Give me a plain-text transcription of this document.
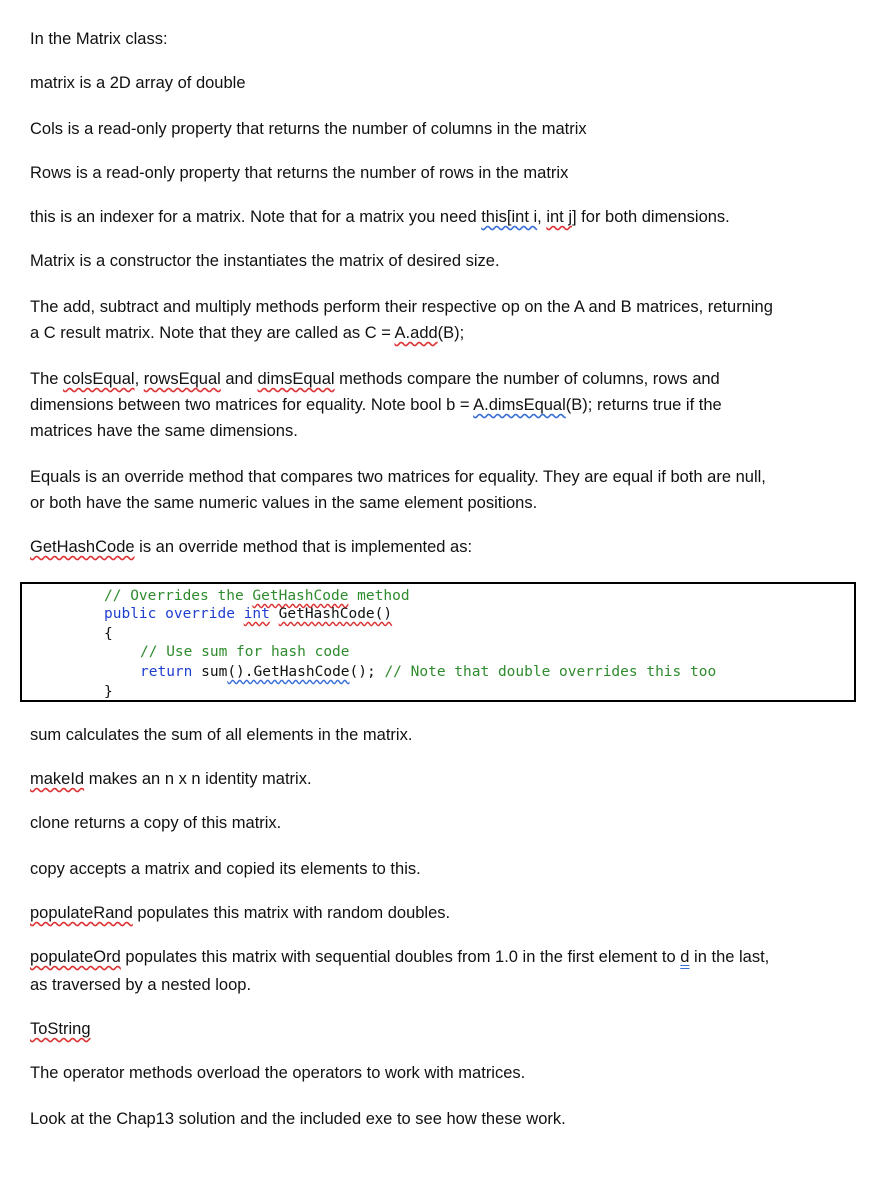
In the Matrix class:

matrix is a 2D array of double

Cols is a read-only property that returns the number of columns in the matrix

Rows is a read-only property that returns the number of rows in the matrix

this is an indexer for a matrix. Note that for a matrix you need this[int i, int j] for both dimensions.

Matrix is a constructor the instantiates the matrix of desired size.

The add, subtract and multiply methods perform their respective op on the A and B matrices, returning

a C result matrix. Note that they are called as C = A.add(B);

The colsEqual, rowsEqual and dimsEqual methods compare the number of columns, rows and

dimensions between two matrices for equality. Note bool b = A.dimsEqual(B); returns true if the

matrices have the same dimensions.

Equals is an override method that compares two matrices for equality. They are equal if both are null,

or both have the same numeric values in the same element positions.

GetHashCode is an override method that is implemented as:

// Overrides the GetHashCode method
public override int GetHashCode()
{
// Use sum for hash code
return sum().GetHashCode(); // Note that double overrides this too
}

sum calculates the sum of all elements in the matrix.

makeId makes an n x n identity matrix.

clone returns a copy of this matrix.

copy accepts a matrix and copied its elements to this.

populateRand populates this matrix with random doubles.

populateOrd populates this matrix with sequential doubles from 1.0 in the first element to d in the last,

as traversed by a nested loop.

ToString

The operator methods overload the operators to work with matrices.

Look at the Chap13 solution and the included exe to see how these work.
